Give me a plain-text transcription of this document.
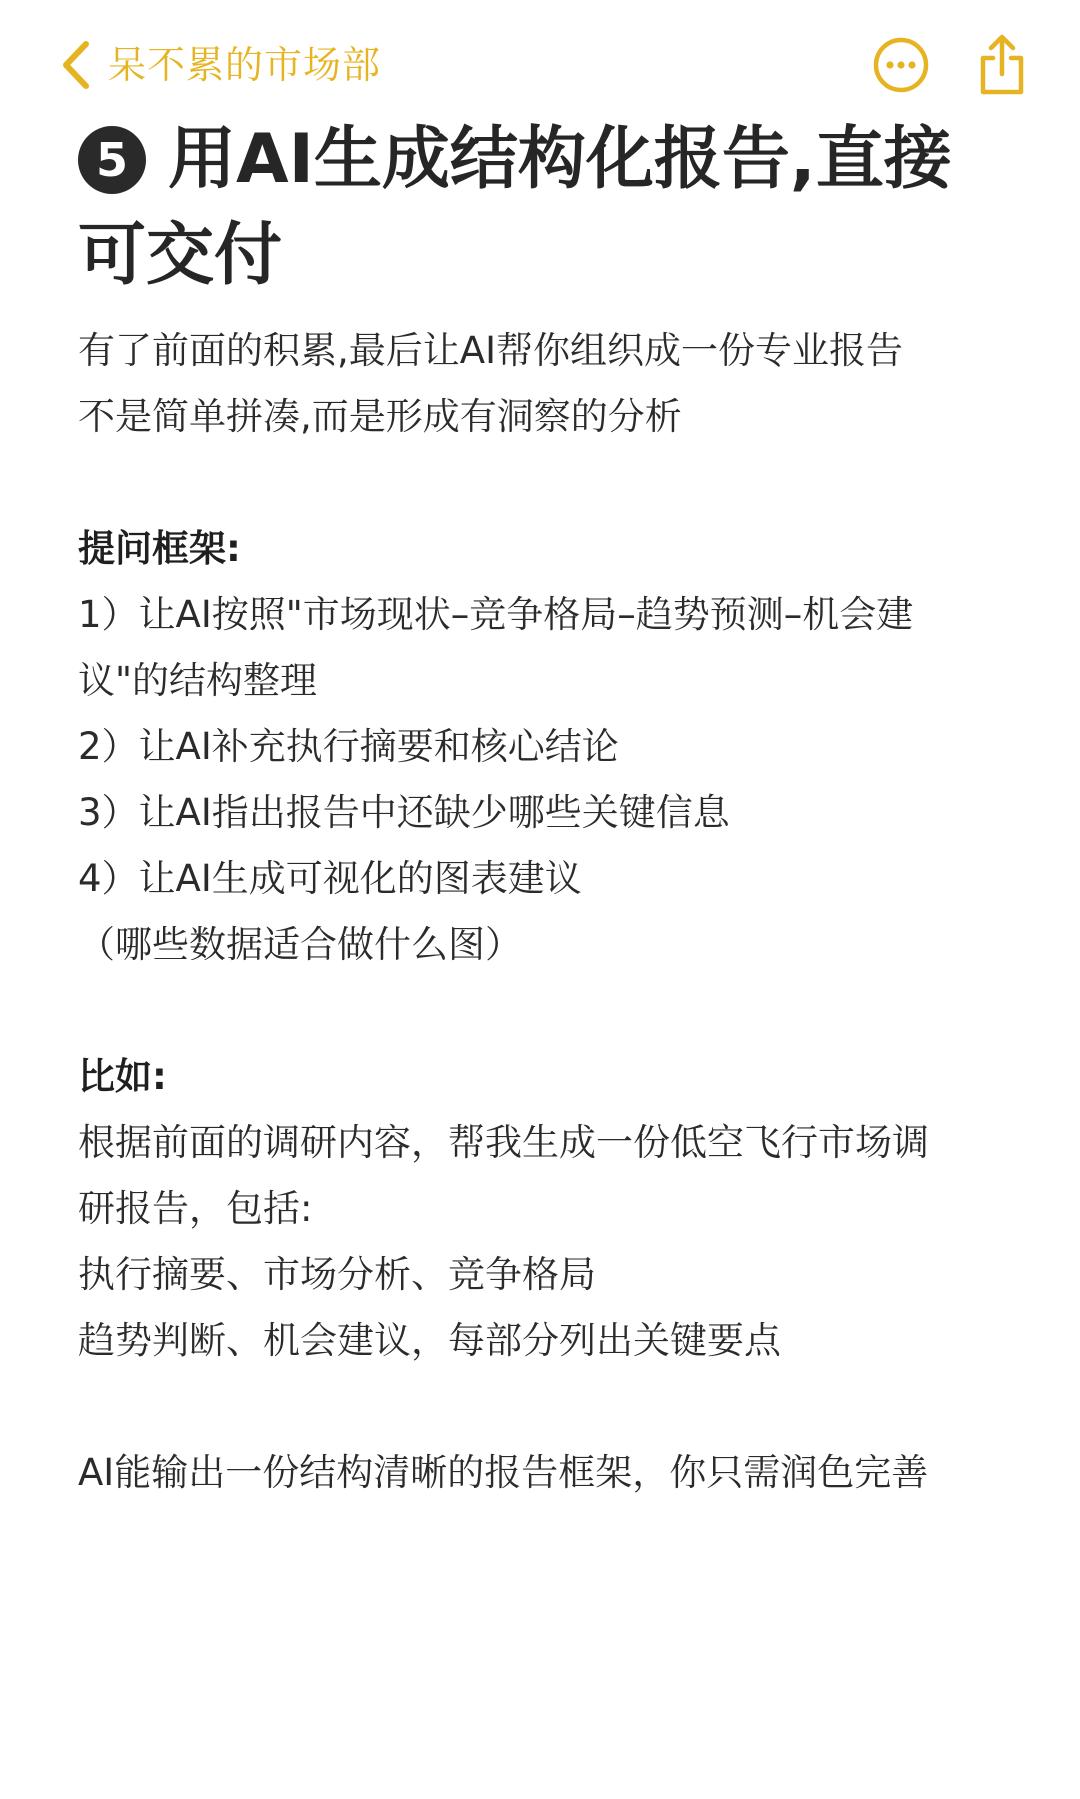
呆不累的市场部
5 用AI生成结构化报告,直接可交付
有了前面的积累,最后让AI帮你组织成一份专业报告
不是简单拼凑,而是形成有洞察的分析
提问框架:
1）让AI按照"市场现状–竞争格局–趋势预测–机会建
议"的结构整理
2）让AI补充执行摘要和核心结论
3）让AI指出报告中还缺少哪些关键信息
4）让AI生成可视化的图表建议
（哪些数据适合做什么图）
比如:
根据前面的调研内容，帮我生成一份低空飞行市场调
研报告，包括:
执行摘要、市场分析、竞争格局
趋势判断、机会建议，每部分列出关键要点
AI能输出一份结构清晰的报告框架，你只需润色完善
